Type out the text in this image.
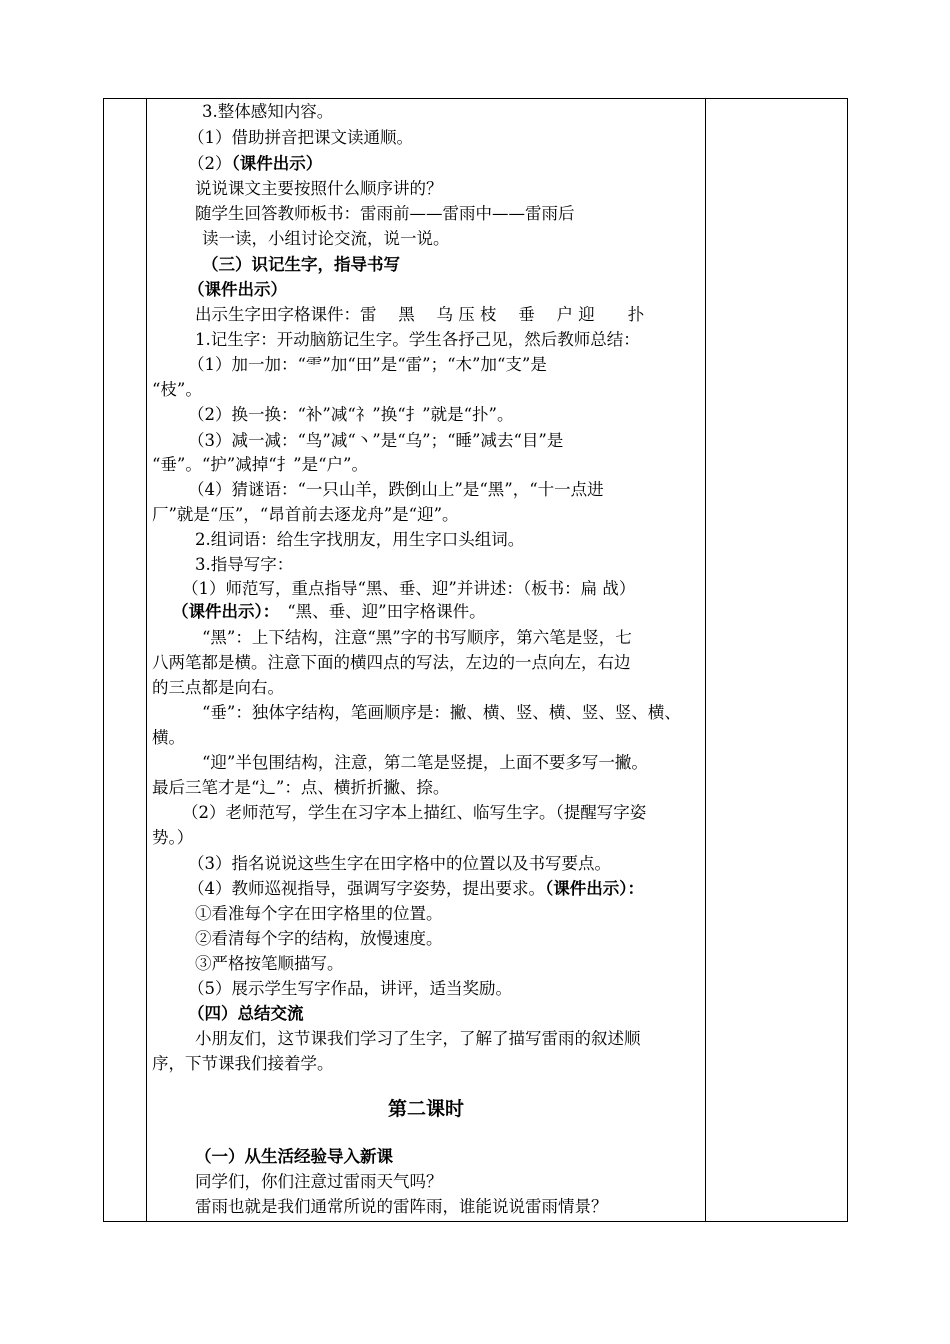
3.整体感知内容。
（1）借助拼音把课文读通顺。
（2）（课件出示）
说说课文主要按照什么顺序讲的？
随学生回答教师板书：雷雨前——雷雨中——雷雨后
读一读，小组讨论交流，说一说。
（三）识记生字，指导书写
（课件出示）
出示生字田字格课件：雷　 黑　 乌 压 枝　 垂　 户 迎　　扑
1.记生字：开动脑筋记生字。学生各抒己见，然后教师总结：
（1）加一加：“⻗”加“田”是“雷”；“木”加“支”是
“枝”。
（2）换一换：“补”减“礻”换“扌”就是“扑”。
（3）减一减：“鸟”减“丶”是“乌”；“睡”减去“目”是
“垂”。“护”减掉“扌”是“户”。
（4）猜谜语：“一只山羊，跌倒山上”是“黑”，“十一点进
厂”就是“压”，“昂首前去逐龙舟”是“迎”。
2.组词语：给生字找朋友，用生字口头组词。
3.指导写字：
（1）师范写，重点指导“黑、垂、迎”并讲述：（板书：扁 战）
（课件出示）： “黑、垂、迎”田字格课件。
“黑”：上下结构，注意“黑”字的书写顺序，第六笔是竖，七
八两笔都是横。注意下面的横四点的写法，左边的一点向左，右边
的三点都是向右。
“垂”：独体字结构，笔画顺序是：撇、横、竖、横、竖、竖、横、
横。
“迎”半包围结构，注意，第二笔是竖提，上面不要多写一撇。
最后三笔才是“辶”：点、横折折撇、捺。
（2）老师范写，学生在习字本上描红、临写生字。（提醒写字姿
势。）
（3）指名说说这些生字在田字格中的位置以及书写要点。
（4）教师巡视指导，强调写字姿势，提出要求。（课件出示）：
①看准每个字在田字格里的位置。
②看清每个字的结构，放慢速度。
③严格按笔顺描写。
（5）展示学生写字作品，讲评，适当奖励。
（四）总结交流
小朋友们，这节课我们学习了生字，了解了描写雷雨的叙述顺
序，下节课我们接着学。
第二课时
（一）从生活经验导入新课
同学们，你们注意过雷雨天气吗？
雷雨也就是我们通常所说的雷阵雨，谁能说说雷雨情景？
